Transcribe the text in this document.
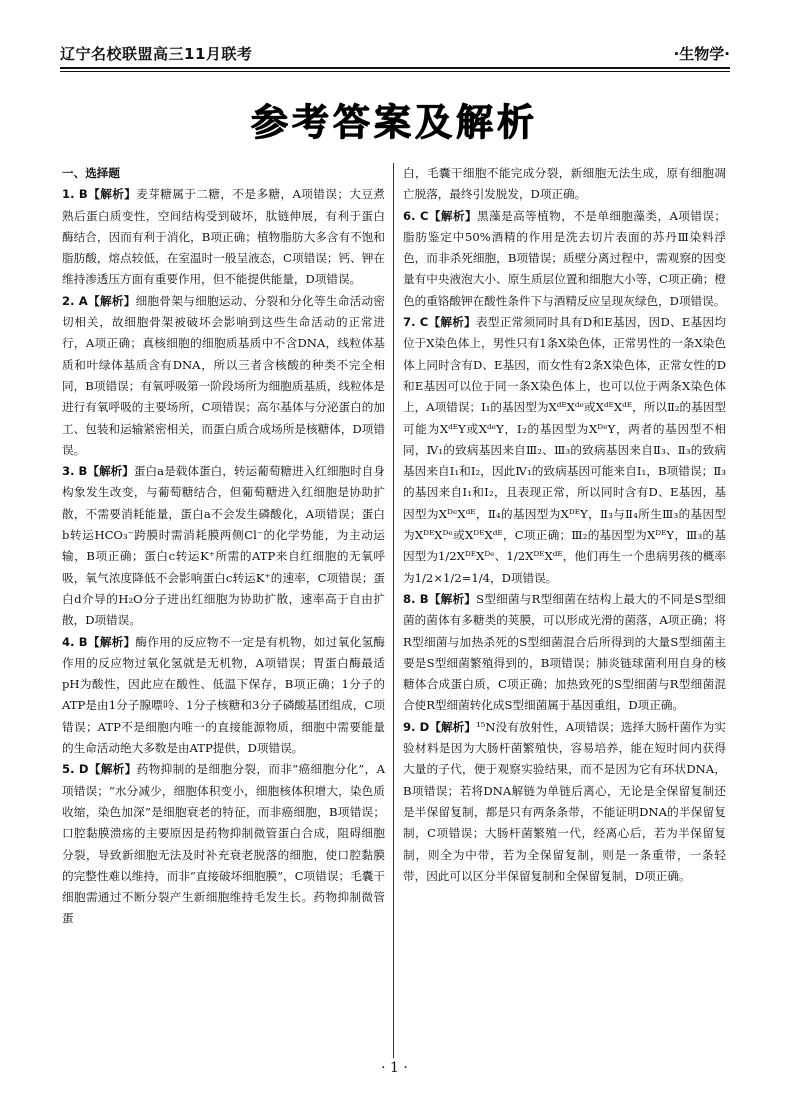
辽宁名校联盟高三11月联考	·生物学·
参考答案及解析
一、选择题

1. B【解析】麦芽糖属于二糖，不是多糖，A项错误；大豆煮熟后蛋白质变性，空间结构受到破坏，肽链伸展，有利于蛋白酶结合，因而有利于消化，B项正确；植物脂肪大多含有不饱和脂肪酸，熔点较低，在室温时一般呈液态，C项错误；钙、钾在维持渗透压方面有重要作用，但不能提供能量，D项错误。

2. A【解析】细胞骨架与细胞运动、分裂和分化等生命活动密切相关，故细胞骨架被破坏会影响到这些生命活动的正常进行，A项正确；真核细胞的细胞质基质中不含DNA，线粒体基质和叶绿体基质含有DNA，所以三者含核酸的种类不完全相同，B项错误；有氧呼吸第一阶段场所为细胞质基质，线粒体是进行有氧呼吸的主要场所，C项错误；高尔基体与分泌蛋白的加工、包装和运输紧密相关，而蛋白质合成场所是核糖体，D项错误。

3. B【解析】蛋白a是载体蛋白，转运葡萄糖进入红细胞时自身构象发生改变，与葡萄糖结合，但葡萄糖进入红细胞是协助扩散，不需要消耗能量，蛋白a不会发生磷酸化，A项错误；蛋白b转运HCO₃⁻跨膜时需消耗膜两侧Cl⁻的化学势能，为主动运输，B项正确；蛋白c转运K⁺所需的ATP来自红细胞的无氧呼吸，氧气浓度降低不会影响蛋白c转运K⁺的速率，C项错误；蛋白d介导的H₂O分子进出红细胞为协助扩散，速率高于自由扩散，D项错误。

4. B【解析】酶作用的反应物不一定是有机物，如过氧化氢酶作用的反应物过氧化氢就是无机物，A项错误；胃蛋白酶最适pH为酸性，因此应在酸性、低温下保存，B项正确；1分子的ATP是由1分子腺嘌呤、1分子核糖和3分子磷酸基团组成，C项错误；ATP不是细胞内唯一的直接能源物质，细胞中需要能量的生命活动绝大多数是由ATP提供，D项错误。

5. D【解析】药物抑制的是细胞分裂，而非“癌细胞分化”，A项错误；“水分减少，细胞体积变小，细胞核体积增大，染色质收缩，染色加深”是细胞衰老的特征，而非癌细胞，B项错误；口腔黏膜溃疡的主要原因是药物抑制微管蛋白合成，阻碍细胞分裂，导致新细胞无法及时补充衰老脱落的细胞，使口腔黏膜的完整性难以维持，而非“直接破坏细胞膜”，C项错误；毛囊干细胞需通过不断分裂产生新细胞维持毛发生长。药物抑制微管蛋

白，毛囊干细胞不能完成分裂，新细胞无法生成，原有细胞凋亡脱落，最终引发脱发，D项正确。

6. C【解析】黑藻是高等植物，不是单细胞藻类，A项错误；脂肪鉴定中50%酒精的作用是洗去切片表面的苏丹Ⅲ染料浮色，而非杀死细胞，B项错误；质壁分离过程中，需观察的因变量有中央液泡大小、原生质层位置和细胞大小等，C项正确；橙色的重铬酸钾在酸性条件下与酒精反应呈现灰绿色，D项错误。

7. C【解析】表型正常须同时具有D和E基因，因D、E基因均位于X染色体上，男性只有1条X染色体，正常男性的一条X染色体上同时含有D、E基因，而女性有2条X染色体，正常女性的D和E基因可以位于同一条X染色体上，也可以位于两条X染色体上，A项错误；Ⅰ₁的基因型为XᵈᴱXᵈᵉ或XᵈᴱXᵈᴱ，所以Ⅱ₂的基因型可能为XᵈᴱY或XᵈᵉY，Ⅰ₂的基因型为XᴰᵉY，两者的基因型不相同，Ⅳ₁的致病基因来自Ⅲ₂、Ⅲ₃的致病基因来自Ⅱ₃、Ⅱ₃的致病基因来自Ⅰ₁和Ⅰ₂，因此Ⅳ₁的致病基因可能来自Ⅰ₁，B项错误；Ⅱ₃的基因来自Ⅰ₁和Ⅰ₂，且表现正常，所以同时含有D、E基因，基因型为XᴰᵉXᵈᴱ，Ⅱ₄的基因型为XᴰᴱY，Ⅱ₃与Ⅱ₄所生Ⅲ₃的基因型为XᴰᴱXᴰᵉ或XᴰᴱXᵈᴱ，C项正确；Ⅲ₂的基因型为XᴰᴱY，Ⅲ₃的基因型为1/2XᴰᴱXᴰᵉ、1/2XᴰᴱXᵈᴱ，他们再生一个患病男孩的概率为1/2×1/2=1/4，D项错误。

8. B【解析】S型细菌与R型细菌在结构上最大的不同是S型细菌的菌体有多糖类的荚膜，可以形成光滑的菌落，A项正确；将R型细菌与加热杀死的S型细菌混合后所得到的大量S型细菌主要是S型细菌繁殖得到的，B项错误；肺炎链球菌利用自身的核糖体合成蛋白质，C项正确；加热致死的S型细菌与R型细菌混合使R型细菌转化成S型细菌属于基因重组，D项正确。

9. D【解析】¹⁵N没有放射性，A项错误；选择大肠杆菌作为实验材料是因为大肠杆菌繁殖快，容易培养，能在短时间内获得大量的子代，便于观察实验结果，而不是因为它有环状DNA，B项错误；若将DNA解链为单链后离心，无论是全保留复制还是半保留复制，都是只有两条条带，不能证明DNA的半保留复制，C项错误；大肠杆菌繁殖一代，经离心后，若为半保留复制，则全为中带，若为全保留复制，则是一条重带，一条轻带，因此可以区分半保留复制和全保留复制，D项正确。

· 1 ·
